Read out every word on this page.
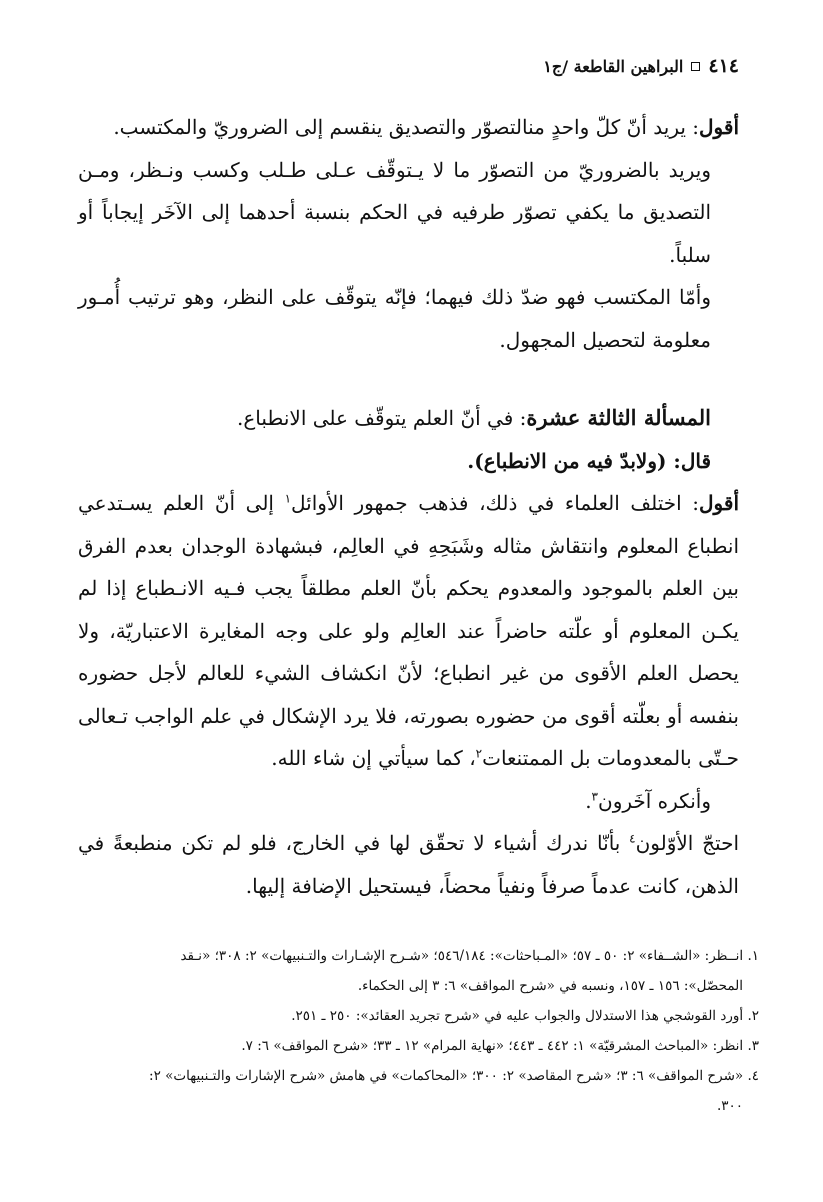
٤١٤
البراهين القاطعة /ج١

أقول: يريد أنّ كلّ واحدٍ منالتصوّر والتصديق ينقسم إلى الضروريّ والمكتسب.

ويريد بالضروريّ من التصوّر ما لا يـتوقّف عـلى طـلب وكسب ونـظر، ومـن التصديق ما يكفي تصوّر طرفيه في الحكم بنسبة أحدهما إلى الآخَر إيجاباً أو سلباً.

وأمّا المكتسب فهو ضدّ ذلك فيهما؛ فإنّه يتوقّف على النظر، وهو ترتيب أُمـور معلومة لتحصيل المجهول.

المسألة الثالثة عشرة: في أنّ العلم يتوقّف على الانطباع.

قال: (ولابدّ فيه من الانطباع).

أقول: اختلف العلماء في ذلك، فذهب جمهور الأوائل$^١$ إلى أنّ العلم يسـتدعي انطباع المعلوم وانتقاش مثاله وشَبَحِهِ في العالِم، فبشهادة الوجدان بعدم الفرق بين العلم بالموجود والمعدوم يحكم بأنّ العلم مطلقاً يجب فـيه الانـطباع إذا لم يكـن المعلوم أو علّته حاضراً عند العالِم ولو على وجه المغايرة الاعتباريّة، ولا يحصل العلم الأقوى من غير انطباع؛ لأنّ انكشاف الشيء للعالم لأجل حضوره بنفسه أو بعلّته أقوى من حضوره بصورته، فلا يرد الإشكال في علم الواجب تـعالى حـتّى بالمعدومات بل الممتنعات$^٢$، كما سيأتي إن شاء الله.

وأنكره آخَرون$^٣$.

احتجّ الأوّلون$^٤$ بأنّا ندرك أشياء لا تحقّق لها في الخارج، فلو لم تكن منطبعةً في الذهن، كانت عدماً صرفاً ونفياً محضاً، فيستحيل الإضافة إليها.

١. انــظر: «الشــفاء» ٢: ٥٠ ـ ٥٧؛ «المـباحثات»: ٥٤٦/١٨٤؛ «شـرح الإشـارات والتـنبيهات» ٢: ٣٠٨؛ «نـقد

المحصّل»: ١٥٦ ـ ١٥٧، ونسبه في «شرح المواقف» ٦: ٣ إلى الحكماء.

٢. أورد القوشجي هذا الاستدلال والجواب عليه في «شرح تجريد العقائد»: ٢٥٠ ـ ٢٥١.

٣. انظر: «المباحث المشرقيّة» ١: ٤٤٢ ـ ٤٤٣؛ «نهاية المرام» ١٢ ـ ٣٣؛ «شرح المواقف» ٦: ٧.

٤. «شرح المواقف» ٦: ٣؛ «شرح المقاصد» ٢: ٣٠٠؛ «المحاكمات» في هامش «شرح الإشارات والتـنبيهات» ٢:

٣٠٠.
